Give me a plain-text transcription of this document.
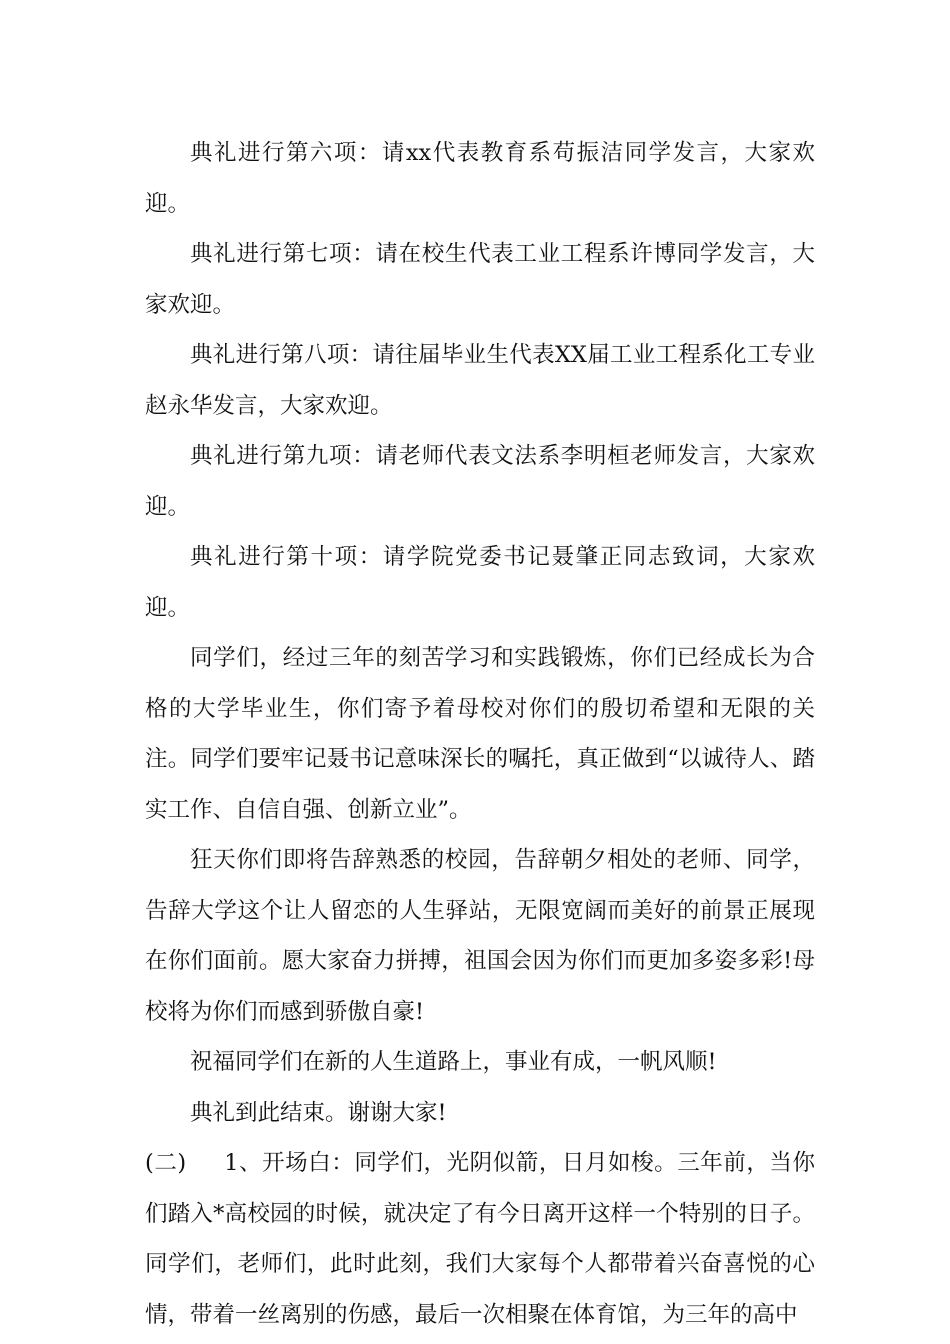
典礼进行第六项：请xx代表教育系苟振洁同学发言，大家欢迎。

典礼进行第七项：请在校生代表工业工程系许博同学发言，大家欢迎。

典礼进行第八项：请往届毕业生代表XX届工业工程系化工专业赵永华发言，大家欢迎。

典礼进行第九项：请老师代表文法系李明桓老师发言，大家欢迎。

典礼进行第十项：请学院党委书记聂肇正同志致词，大家欢迎。

同学们，经过三年的刻苦学习和实践锻炼，你们已经成长为合格的大学毕业生，你们寄予着母校对你们的殷切希望和无限的关注。同学们要牢记聂书记意味深长的嘱托，真正做到“以诚待人、踏实工作、自信自强、创新立业”。

狂天你们即将告辞熟悉的校园，告辞朝夕相处的老师、同学，告辞大学这个让人留恋的人生驿站，无限宽阔而美好的前景正展现在你们面前。愿大家奋力拼搏，祖国会因为你们而更加多姿多彩!母校将为你们而感到骄傲自豪!

祝福同学们在新的人生道路上，事业有成，一帆风顺!

典礼到此结束。谢谢大家!

(二) 1、开场白：同学们，光阴似箭，日月如梭。三年前，当你们踏入*高校园的时候，就决定了有今日离开这样一个特别的日子。同学们，老师们，此时此刻，我们大家每个人都带着兴奋喜悦的心情，带着一丝离别的伤感，最后一次相聚在体育馆，为三年的高中
